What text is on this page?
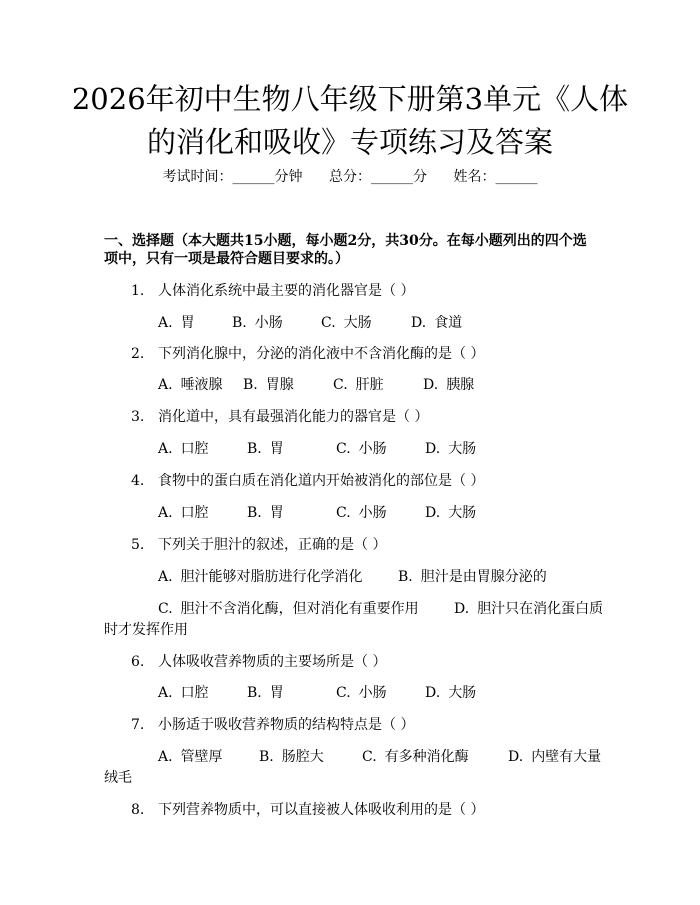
2026年初中生物八年级下册第3单元《人体
的消化和吸收》专项练习及答案
考试时间：______分钟 总分：______分 姓名：______
一、选择题（本大题共15小题，每小题2分，共30分。在每小题列出的四个选
项中，只有一项是最符合题目要求的。）
1. 人体消化系统中最主要的消化器官是（ ）
A. 胃	B. 小肠	C. 大肠	D. 食道
2. 下列消化腺中，分泌的消化液中不含消化酶的是（ ）
A. 唾液腺 B. 胃腺	C. 肝脏	D. 胰腺
3. 消化道中，具有最强消化能力的器官是（ ）
A. 口腔	B. 胃	C. 小肠	D. 大肠
4. 食物中的蛋白质在消化道内开始被消化的部位是（ ）
A. 口腔	B. 胃	C. 小肠	D. 大肠
5. 下列关于胆汁的叙述，正确的是（ ）
A. 胆汁能够对脂肪进行化学消化	B. 胆汁是由胃腺分泌的
C. 胆汁不含消化酶，但对消化有重要作用	D. 胆汁只在消化蛋白质
时才发挥作用
6. 人体吸收营养物质的主要场所是（ ）
A. 口腔	B. 胃	C. 小肠	D. 大肠
7. 小肠适于吸收营养物质的结构特点是（ ）
A. 管壁厚	B. 肠腔大	C. 有多种消化酶	D. 内壁有大量
绒毛
8. 下列营养物质中，可以直接被人体吸收利用的是（ ）
